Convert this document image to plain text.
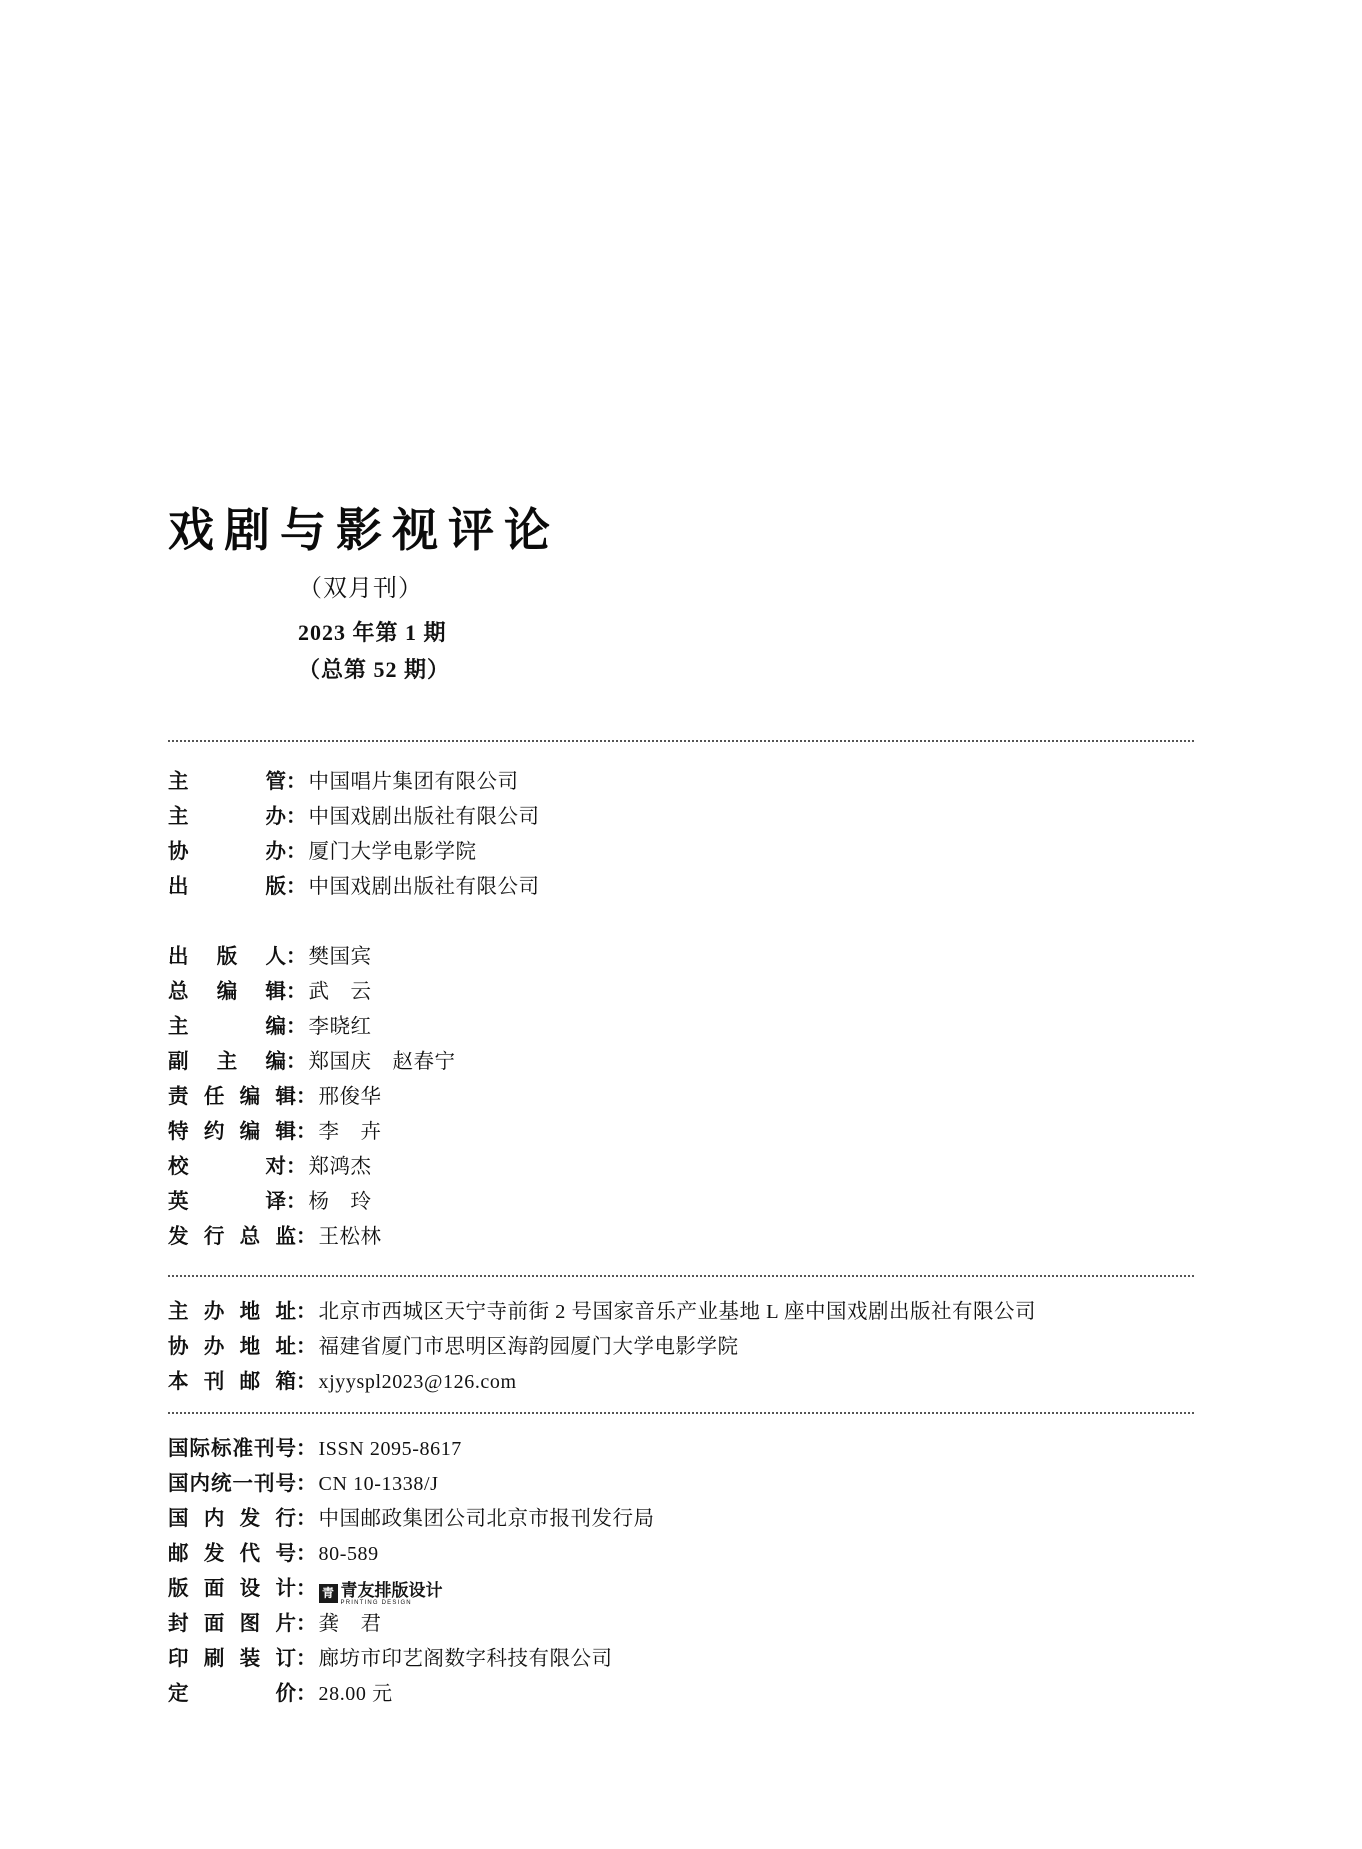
戏剧与影视评论
（双月刊）
2023 年第 1 期
（总第 52 期）
主　　管 ： 中国唱片集团有限公司
主　　办 ： 中国戏剧出版社有限公司
协　　办 ： 厦门大学电影学院
出　　版 ： 中国戏剧出版社有限公司
出 版 人 ： 樊国宾
总 编 辑 ： 武　云
主　　编 ： 李晓红
副 主 编 ： 郑国庆　赵春宁
责 任 编 辑 ： 邢俊华
特 约 编 辑 ： 李　卉
校　　对 ： 郑鸿杰
英　　译 ： 杨　玲
发 行 总 监 ： 王松林
主 办 地 址 ： 北京市西城区天宁寺前街 2 号国家音乐产业基地 L 座中国戏剧出版社有限公司
协 办 地 址 ： 福建省厦门市思明区海韵园厦门大学电影学院
本 刊 邮 箱 ： xjyyspl2023@126.com
国际标准刊号 ： ISSN 2095-8617
国内统一刊号 ： CN 10-1338/J
国 内 发 行 ： 中国邮政集团公司北京市报刊发行局
邮 发 代 号 ： 80-589
版 面 设 计 ： 青 青友排版设计
PRINTING DESIGN
封 面 图 片 ： 龚　君
印 刷 装 订 ： 廊坊市印艺阁数字科技有限公司
定　　价 ： 28.00 元
